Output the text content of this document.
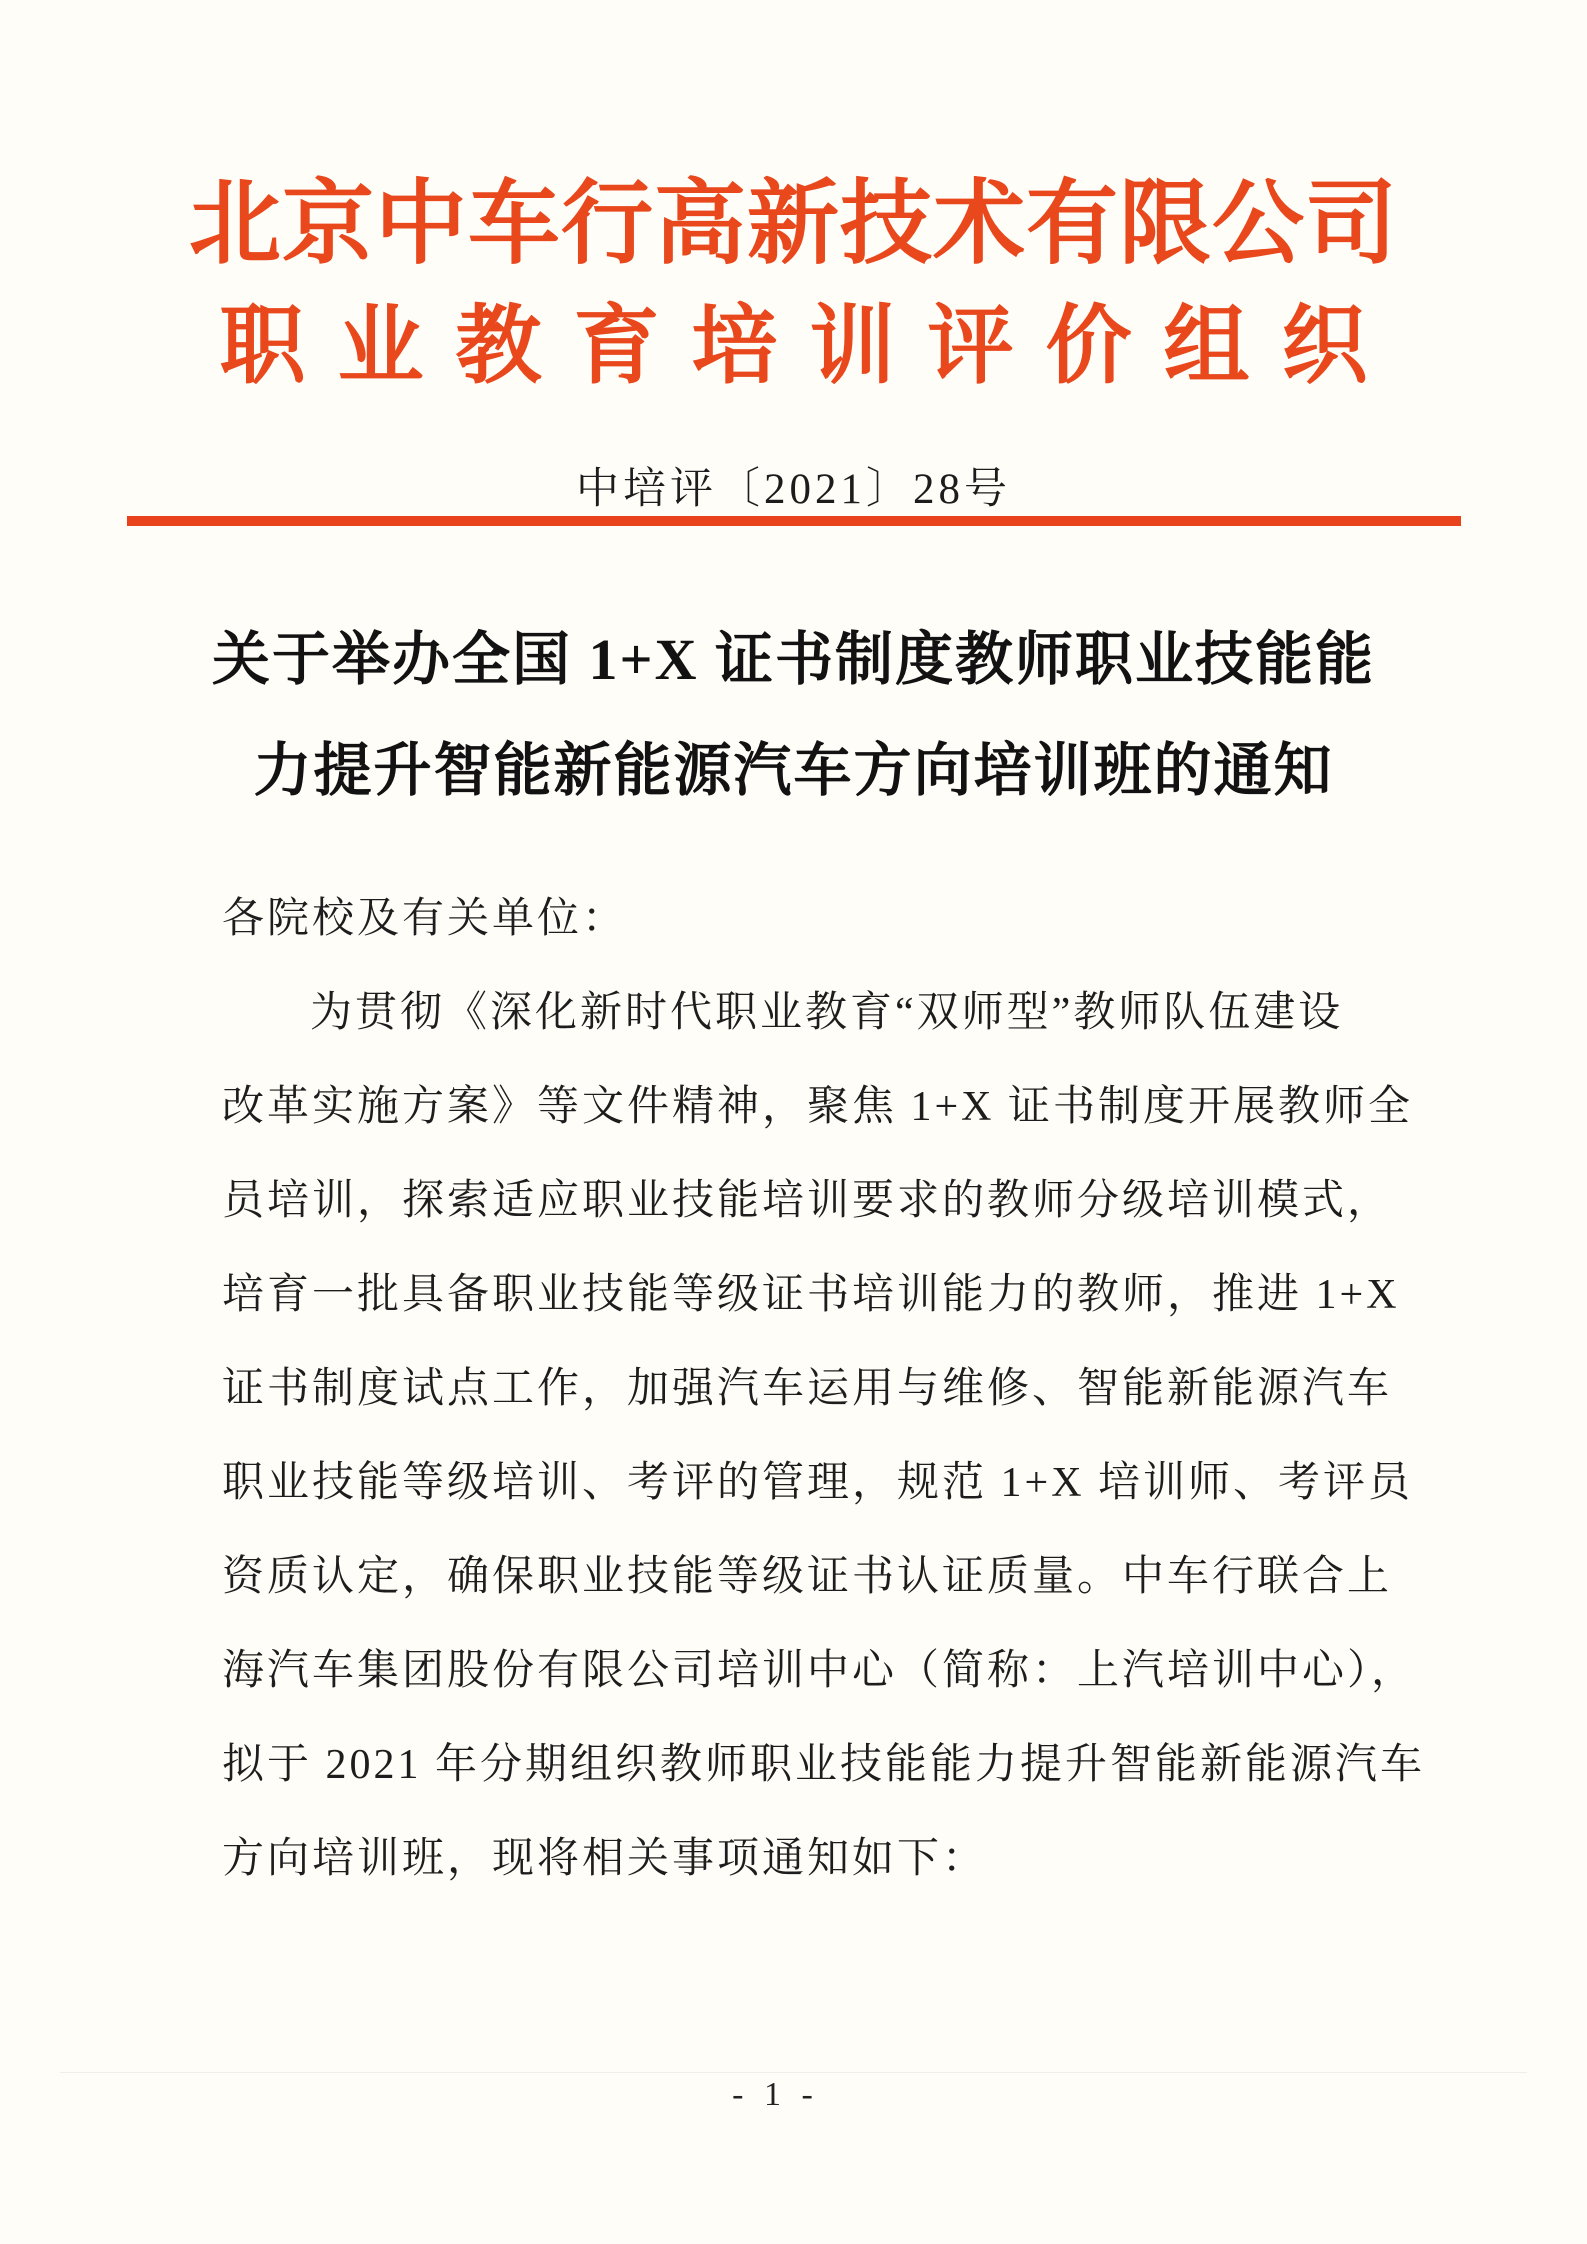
北京中车行高新技术有限公司
职业教育培训评价组织
中培评〔2021〕28号
关于举办全国 1+X 证书制度教师职业技能能
力提升智能新能源汽车方向培训班的通知
各院校及有关单位：
为贯彻《深化新时代职业教育“双师型”教师队伍建设
改革实施方案》等文件精神，聚焦 1+X 证书制度开展教师全
员培训，探索适应职业技能培训要求的教师分级培训模式，
培育一批具备职业技能等级证书培训能力的教师，推进 1+X
证书制度试点工作，加强汽车运用与维修、智能新能源汽车
职业技能等级培训、考评的管理，规范 1+X 培训师、考评员
资质认定，确保职业技能等级证书认证质量。中车行联合上
海汽车集团股份有限公司培训中心（简称：上汽培训中心），
拟于 2021 年分期组织教师职业技能能力提升智能新能源汽车
方向培训班，现将相关事项通知如下：
- 1 -
